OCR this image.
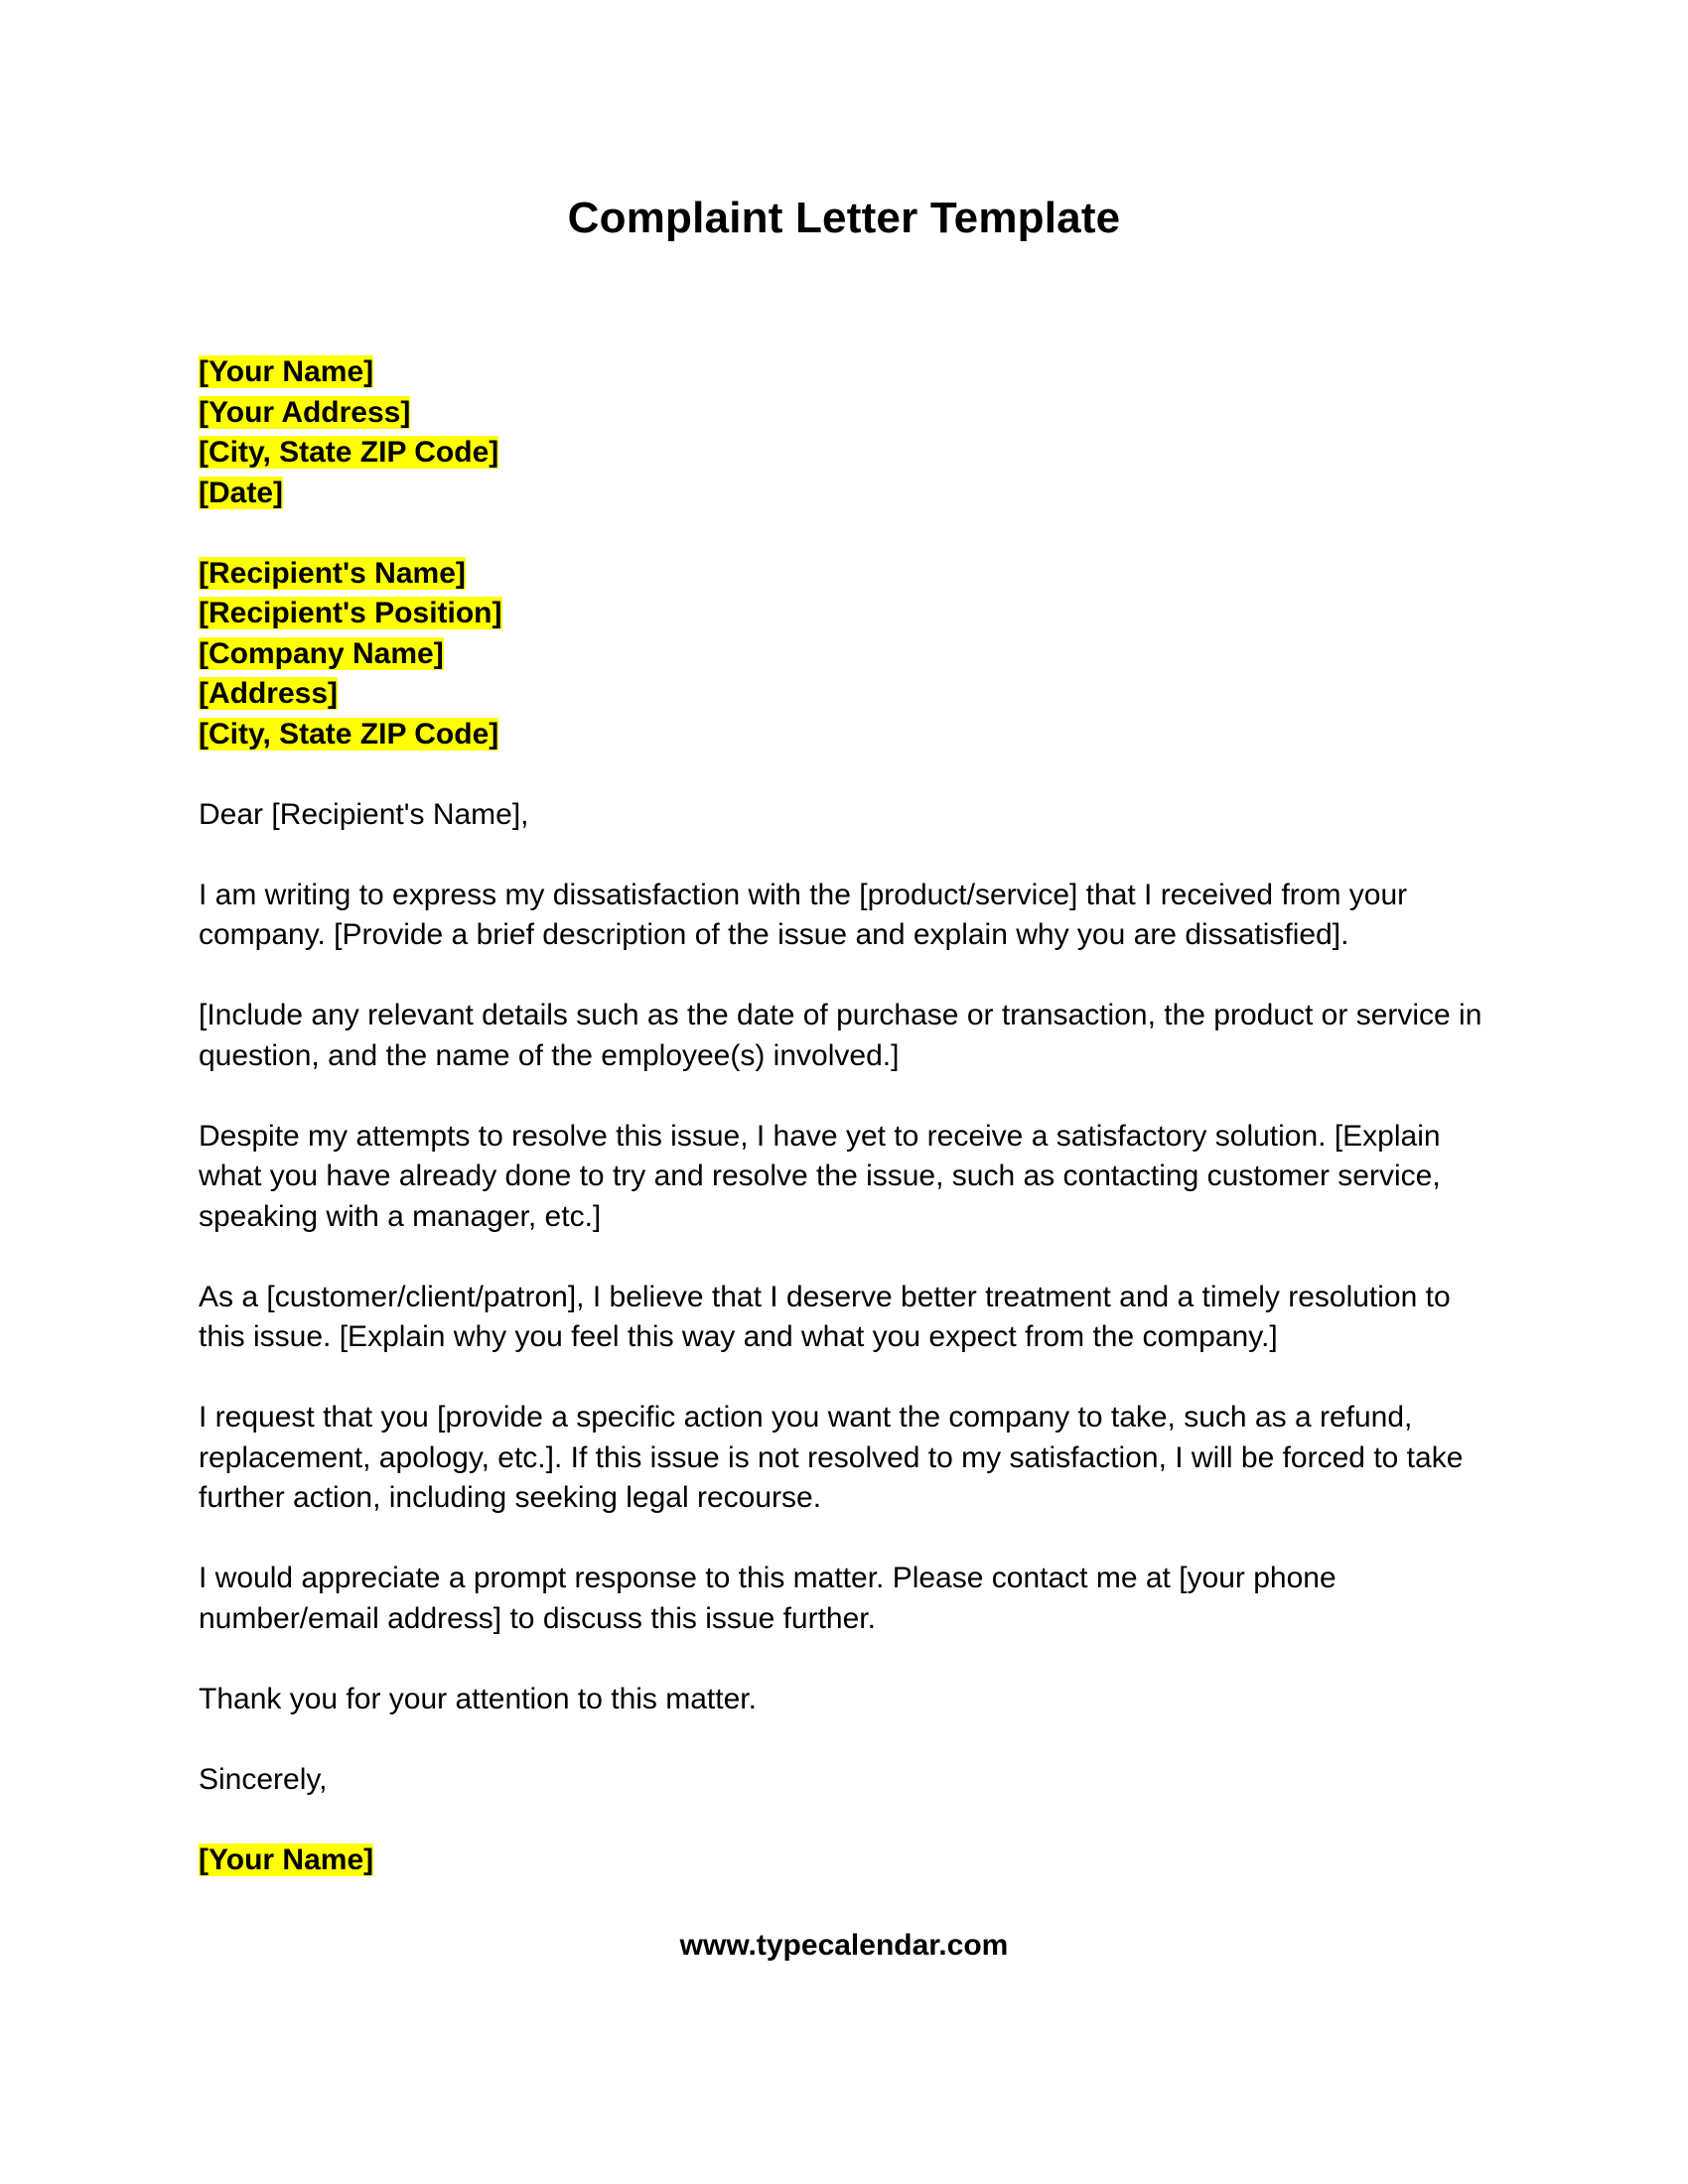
Complaint Letter Template
[Your Name]
[Your Address]
[City, State ZIP Code]
[Date]
[Recipient's Name]
[Recipient's Position]
[Company Name]
[Address]
[City, State ZIP Code]

Dear [Recipient's Name],

I am writing to express my dissatisfaction with the [product/service] that I received from your company. [Provide a brief description of the issue and explain why you are dissatisfied].

[Include any relevant details such as the date of purchase or transaction, the product or service in question, and the name of the employee(s) involved.]

Despite my attempts to resolve this issue, I have yet to receive a satisfactory solution. [Explain what you have already done to try and resolve the issue, such as contacting customer service, speaking with a manager, etc.]

As a [customer/client/patron], I believe that I deserve better treatment and a timely resolution to this issue. [Explain why you feel this way and what you expect from the company.]

I request that you [provide a specific action you want the company to take, such as a refund, replacement, apology, etc.]. If this issue is not resolved to my satisfaction, I will be forced to take further action, including seeking legal recourse.

I would appreciate a prompt response to this matter. Please contact me at [your phone number/email address] to discuss this issue further.

Thank you for your attention to this matter.

Sincerely,

[Your Name]
www.typecalendar.com
